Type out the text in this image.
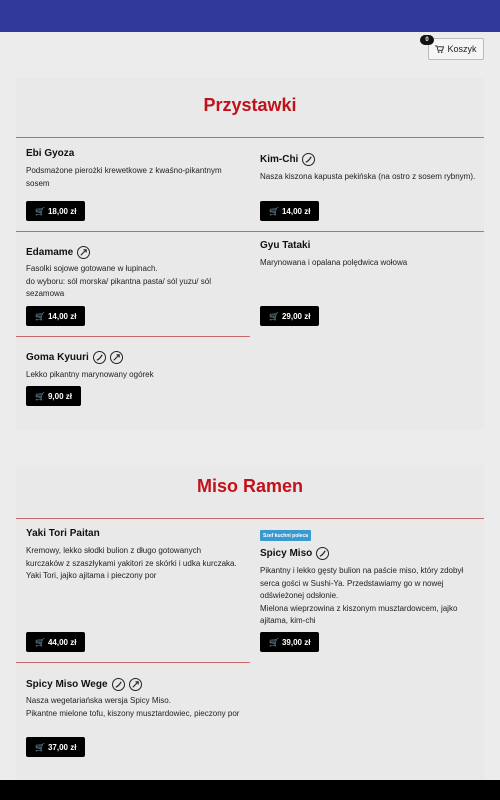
0
Koszyk
Przystawki
Ebi Gyoza
Podsmażone pierożki krewetkowe z kwaśno-pikantnym sosem
🛒 18,00 zł
Kim-Chi
Nasza kiszona kapusta pekińska (na ostro z sosem rybnym).
🛒 14,00 zł
Edamame
Fasolki sojowe gotowane w łupinach.
do wyboru: sól morska/ pikantna pasta/ sól yuzu/ sól sezamowa
🛒 14,00 zł
Gyu Tataki
Marynowana i opalana polędwica wołowa
🛒 29,00 zł
Goma Kyuuri
Lekko pikantny marynowany ogórek
🛒 9,00 zł
Miso Ramen
Yaki Tori Paitan
Kremowy, lekko słodki bulion z długo gotowanych kurczaków z szaszłykami yakitori ze skórki i udka kurczaka.
Yaki Tori, jajko ajitama i pieczony por
🛒 44,00 zł
Szef kuchni poleca
Spicy Miso
Pikantny i lekko gęsty bulion na paście miso, który zdobył serca gości w Sushi-Ya. Przedstawiamy go w nowej odświeżonej odsłonie.
Mielona wieprzowina z kiszonym musztardowcem, jajko ajitama, kim-chi
🛒 39,00 zł
Spicy Miso Wege
Nasza wegetariańska wersja Spicy Miso.
Pikantne mielone tofu, kiszony musztardowiec, pieczony por
🛒 37,00 zł
